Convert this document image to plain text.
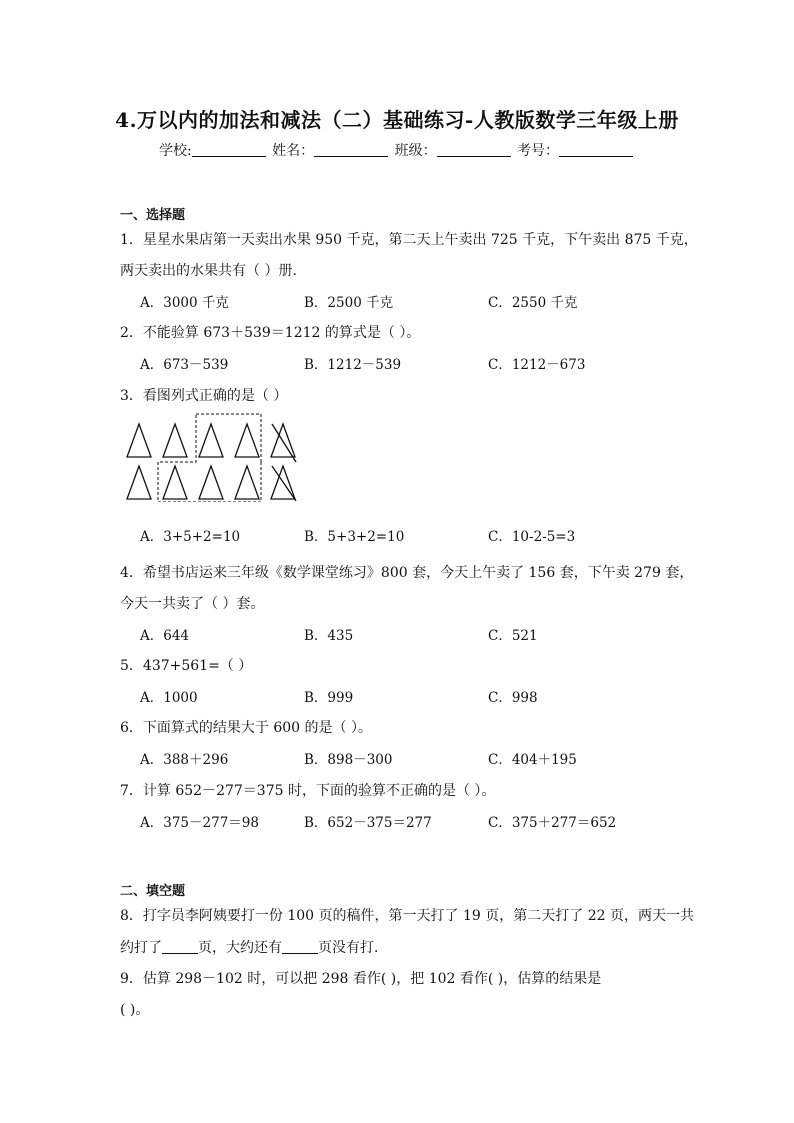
4.万以内的加法和减法（二）基础练习-人教版数学三年级上册
学校:	姓名：	班级：	考号：
一、选择题
1．星星水果店第一天卖出水果 950 千克，第二天上午卖出 725 千克，下午卖出 875 千克，
两天卖出的水果共有（ ）册．
A．3000 千克	B．2500 千克	C．2550 千克
2．不能验算 673＋539＝1212 的算式是（ ）。
A．673－539	B．1212－539	C．1212－673
3．看图列式正确的是（ ）
A．3+5+2=10	B．5+3+2=10	C．10-2-5=3
4．希望书店运来三年级《数学课堂练习》800 套，今天上午卖了 156 套，下午卖 279 套，
今天一共卖了（ ）套。
A．644	B．435	C．521
5．437+561=（ ）
A．1000	B．999	C．998
6．下面算式的结果大于 600 的是（ ）。
A．388＋296	B．898－300	C．404＋195
7．计算 652－277＝375 时，下面的验算不正确的是（ ）。
A．375－277＝98	B．652－375＝277	C．375＋277＝652
二、填空题
8．打字员李阿姨要打一份 100 页的稿件，第一天打了 19 页，第二天打了 22 页，两天一共
约打了	页，大约还有	页没有打．
9．估算 298－102 时，可以把 298 看作( )，把 102 看作( )，估算的结果是
( )。
